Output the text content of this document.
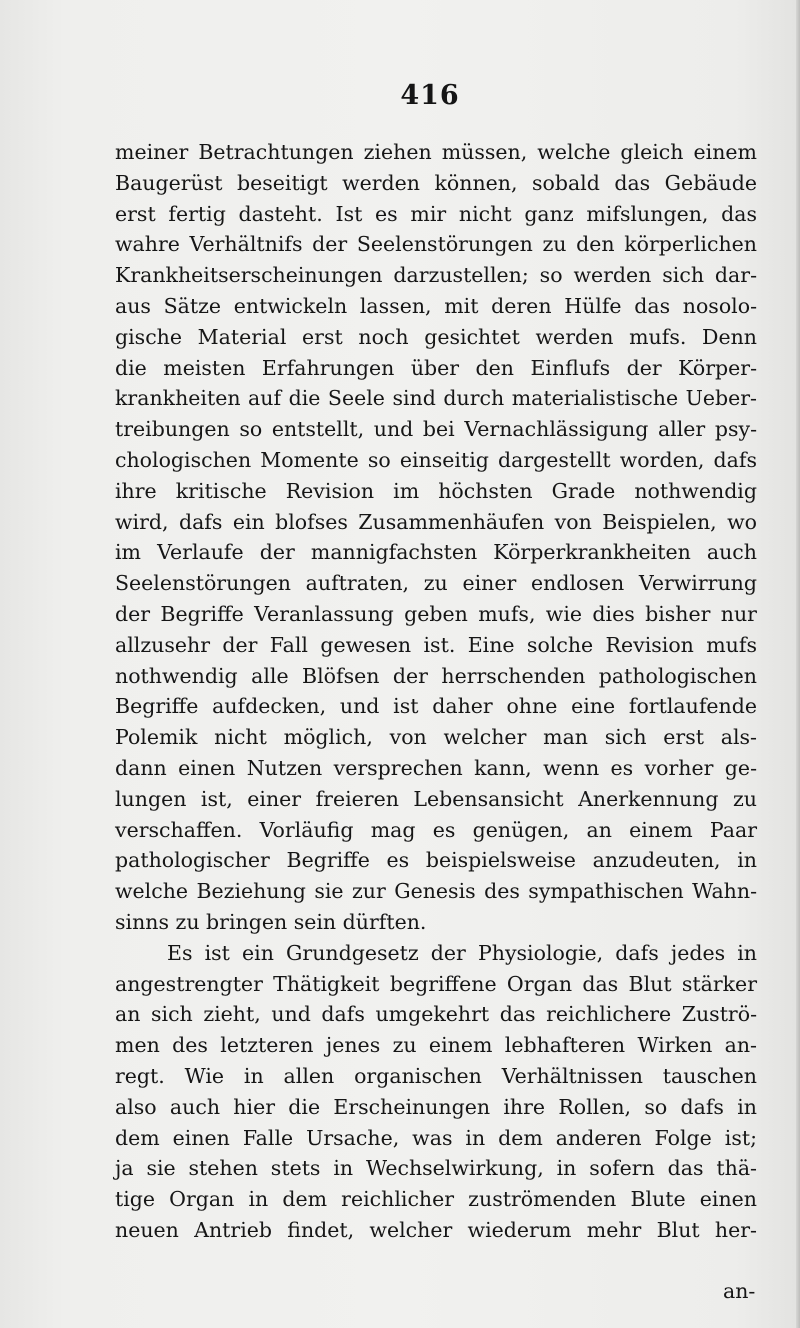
416
meiner Betrachtungen ziehen müssen, welche gleich einem
Baugerüst beseitigt werden können, sobald das Gebäude
erst fertig dasteht. Ist es mir nicht ganz mifslungen, das
wahre Verhältnifs der Seelenstörungen zu den körperlichen
Krankheitserscheinungen darzustellen; so werden sich dar-
aus Sätze entwickeln lassen, mit deren Hülfe das nosolo-
gische Material erst noch gesichtet werden mufs. Denn
die meisten Erfahrungen über den Einflufs der Körper-
krankheiten auf die Seele sind durch materialistische Ueber-
treibungen so entstellt, und bei Vernachlässigung aller psy-
chologischen Momente so einseitig dargestellt worden, dafs
ihre kritische Revision im höchsten Grade nothwendig
wird, dafs ein blofses Zusammenhäufen von Beispielen, wo
im Verlaufe der mannigfachsten Körperkrankheiten auch
Seelenstörungen auftraten, zu einer endlosen Verwirrung
der Begriffe Veranlassung geben mufs, wie dies bisher nur
allzusehr der Fall gewesen ist. Eine solche Revision mufs
nothwendig alle Blöfsen der herrschenden pathologischen
Begriffe aufdecken, und ist daher ohne eine fortlaufende
Polemik nicht möglich, von welcher man sich erst als-
dann einen Nutzen versprechen kann, wenn es vorher ge-
lungen ist, einer freieren Lebensansicht Anerkennung zu
verschaffen. Vorläufig mag es genügen, an einem Paar
pathologischer Begriffe es beispielsweise anzudeuten, in
welche Beziehung sie zur Genesis des sympathischen Wahn-
sinns zu bringen sein dürften.
Es ist ein Grundgesetz der Physiologie, dafs jedes in
angestrengter Thätigkeit begriffene Organ das Blut stärker
an sich zieht, und dafs umgekehrt das reichlichere Zuströ-
men des letzteren jenes zu einem lebhafteren Wirken an-
regt. Wie in allen organischen Verhältnissen tauschen
also auch hier die Erscheinungen ihre Rollen, so dafs in
dem einen Falle Ursache, was in dem anderen Folge ist;
ja sie stehen stets in Wechselwirkung, in sofern das thä-
tige Organ in dem reichlicher zuströmenden Blute einen
neuen Antrieb findet, welcher wiederum mehr Blut her-
an-
